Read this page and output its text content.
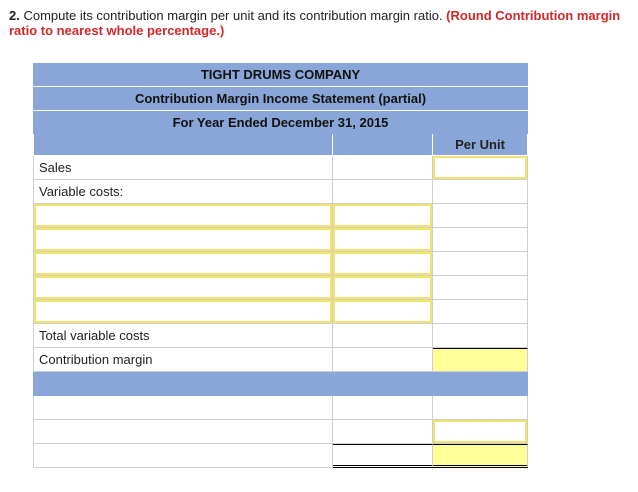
2. Compute its contribution margin per unit and its contribution margin ratio. (Round Contribution margin ratio to nearest whole percentage.)
TIGHT DRUMS COMPANY
Contribution Margin Income Statement (partial)
For Year Ended December 31, 2015
Per Unit
Sales
Variable costs:
Total variable costs
Contribution margin
